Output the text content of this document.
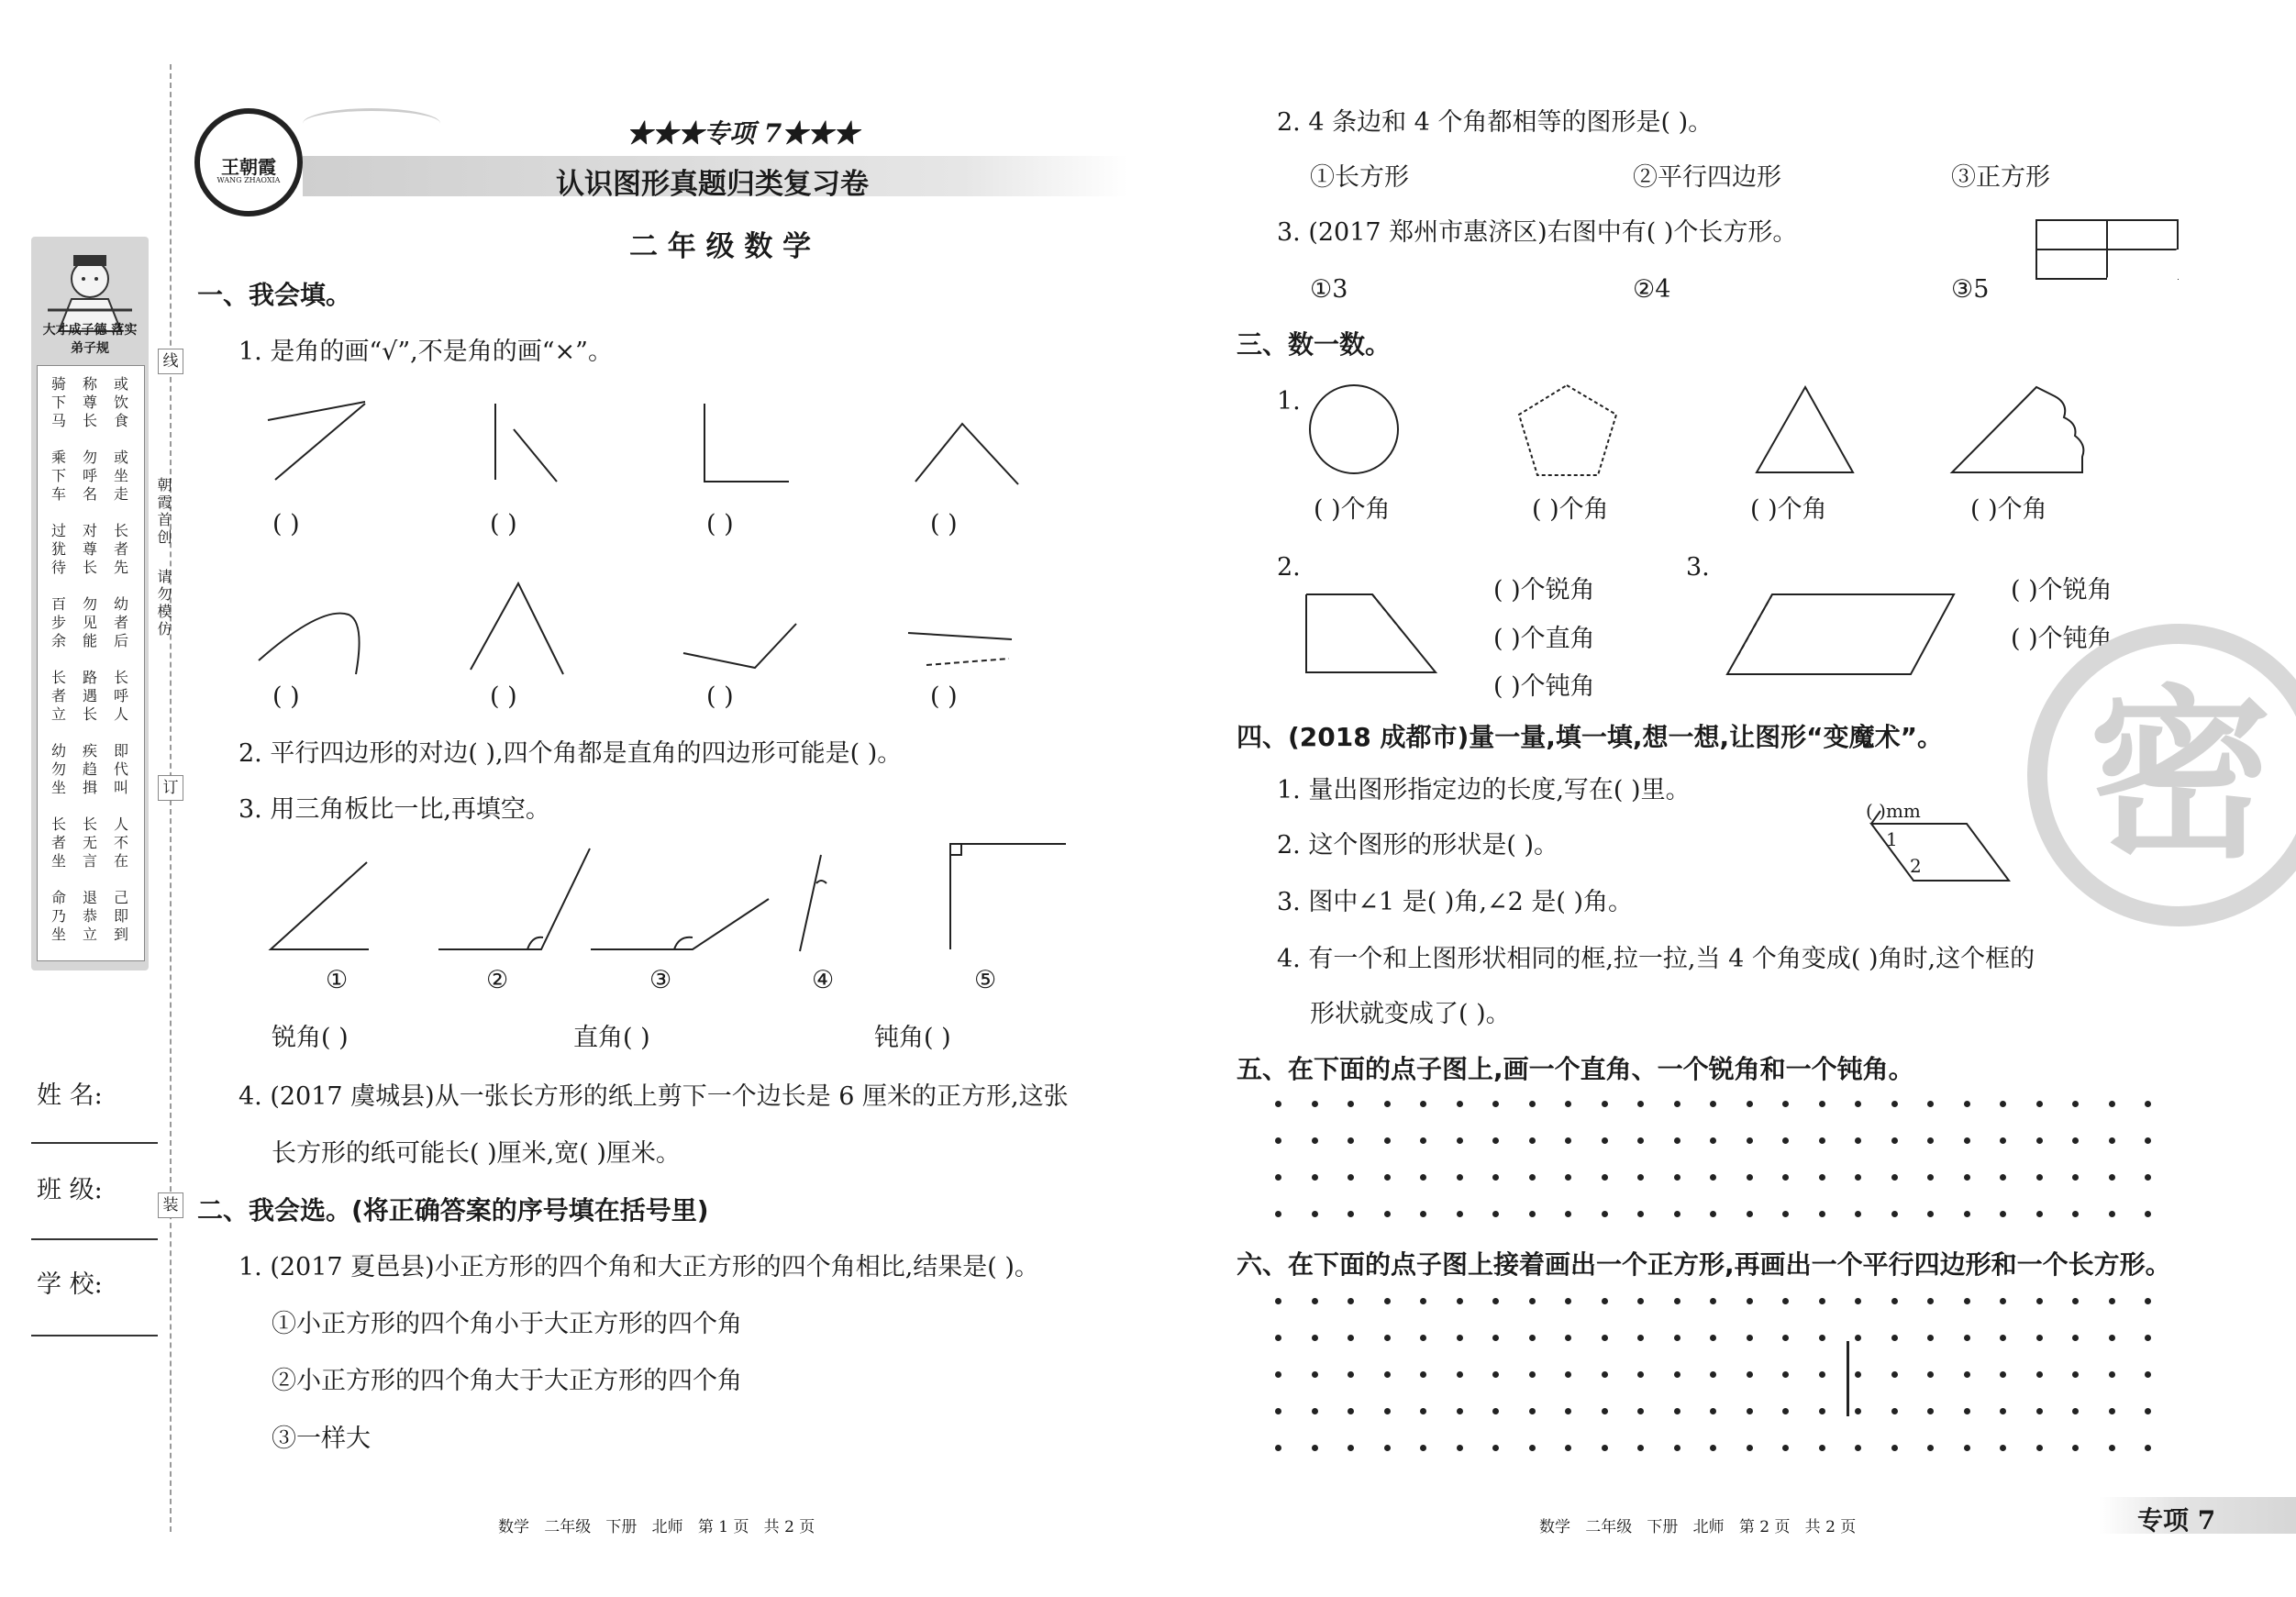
线
订
装
朝霞首创
请勿模仿
大才成子德 落实弟子规
骑下马
称尊长
或饮食
乘下车
勿呼名
或坐走
过犹待
对尊长
长者先
百步余
勿见能
幼者后
长者立
路遇长
长呼人
幼勿坐
疾趋揖
即代叫
长者坐
长无言
人不在
命乃坐
退恭立
己即到
姓 名:
班 级:
学 校:
王朝霞
WANG ZHAOXIA
★★★专项 7★★★
认识图形真题归类复习卷
二 年 级 数 学
一、我会填。
1. 是角的画“√”,不是角的画“×”。
( )	( )	( )	( )
( )	( )	( )	( )
2. 平行四边形的对边( ),四个角都是直角的四边形可能是( )。
3. 用三角板比一比,再填空。
①	②	③	④	⑤
锐角( )	直角( )	钝角( )
4. (2017 虞城县)从一张长方形的纸上剪下一个边长是 6 厘米的正方形,这张
长方形的纸可能长( )厘米,宽( )厘米。
二、我会选。(将正确答案的序号填在括号里)
1. (2017 夏邑县)小正方形的四个角和大正方形的四个角相比,结果是( )。
①小正方形的四个角小于大正方形的四个角
②小正方形的四个角大于大正方形的四个角
③一样大
数学   二年级   下册   北师   第 1 页   共 2 页
2. 4 条边和 4 个角都相等的图形是( )。
①长方形	②平行四边形	③正方形
3. (2017 郑州市惠济区)右图中有( )个长方形。
①3	②4	③5
三、数一数。
1.
( )个角	( )个角	( )个角	( )个角
2.
( )个锐角
( )个直角
( )个钝角
3.
( )个锐角
( )个钝角
四、(2018 成都市)量一量,填一填,想一想,让图形“变魔术”。
1. 量出图形指定边的长度,写在( )里。
2. 这个图形的形状是( )。
3. 图中∠1 是( )角,∠2 是( )角。
4. 有一个和上图形状相同的框,拉一拉,当 4 个角变成( )角时,这个框的
形状就变成了( )。
( )mm
1
2
五、在下面的点子图上,画一个直角、一个锐角和一个钝角。
六、在下面的点子图上接着画出一个正方形,再画出一个平行四边形和一个长方形。
密
数学   二年级   下册   北师   第 2 页   共 2 页	专项 7
